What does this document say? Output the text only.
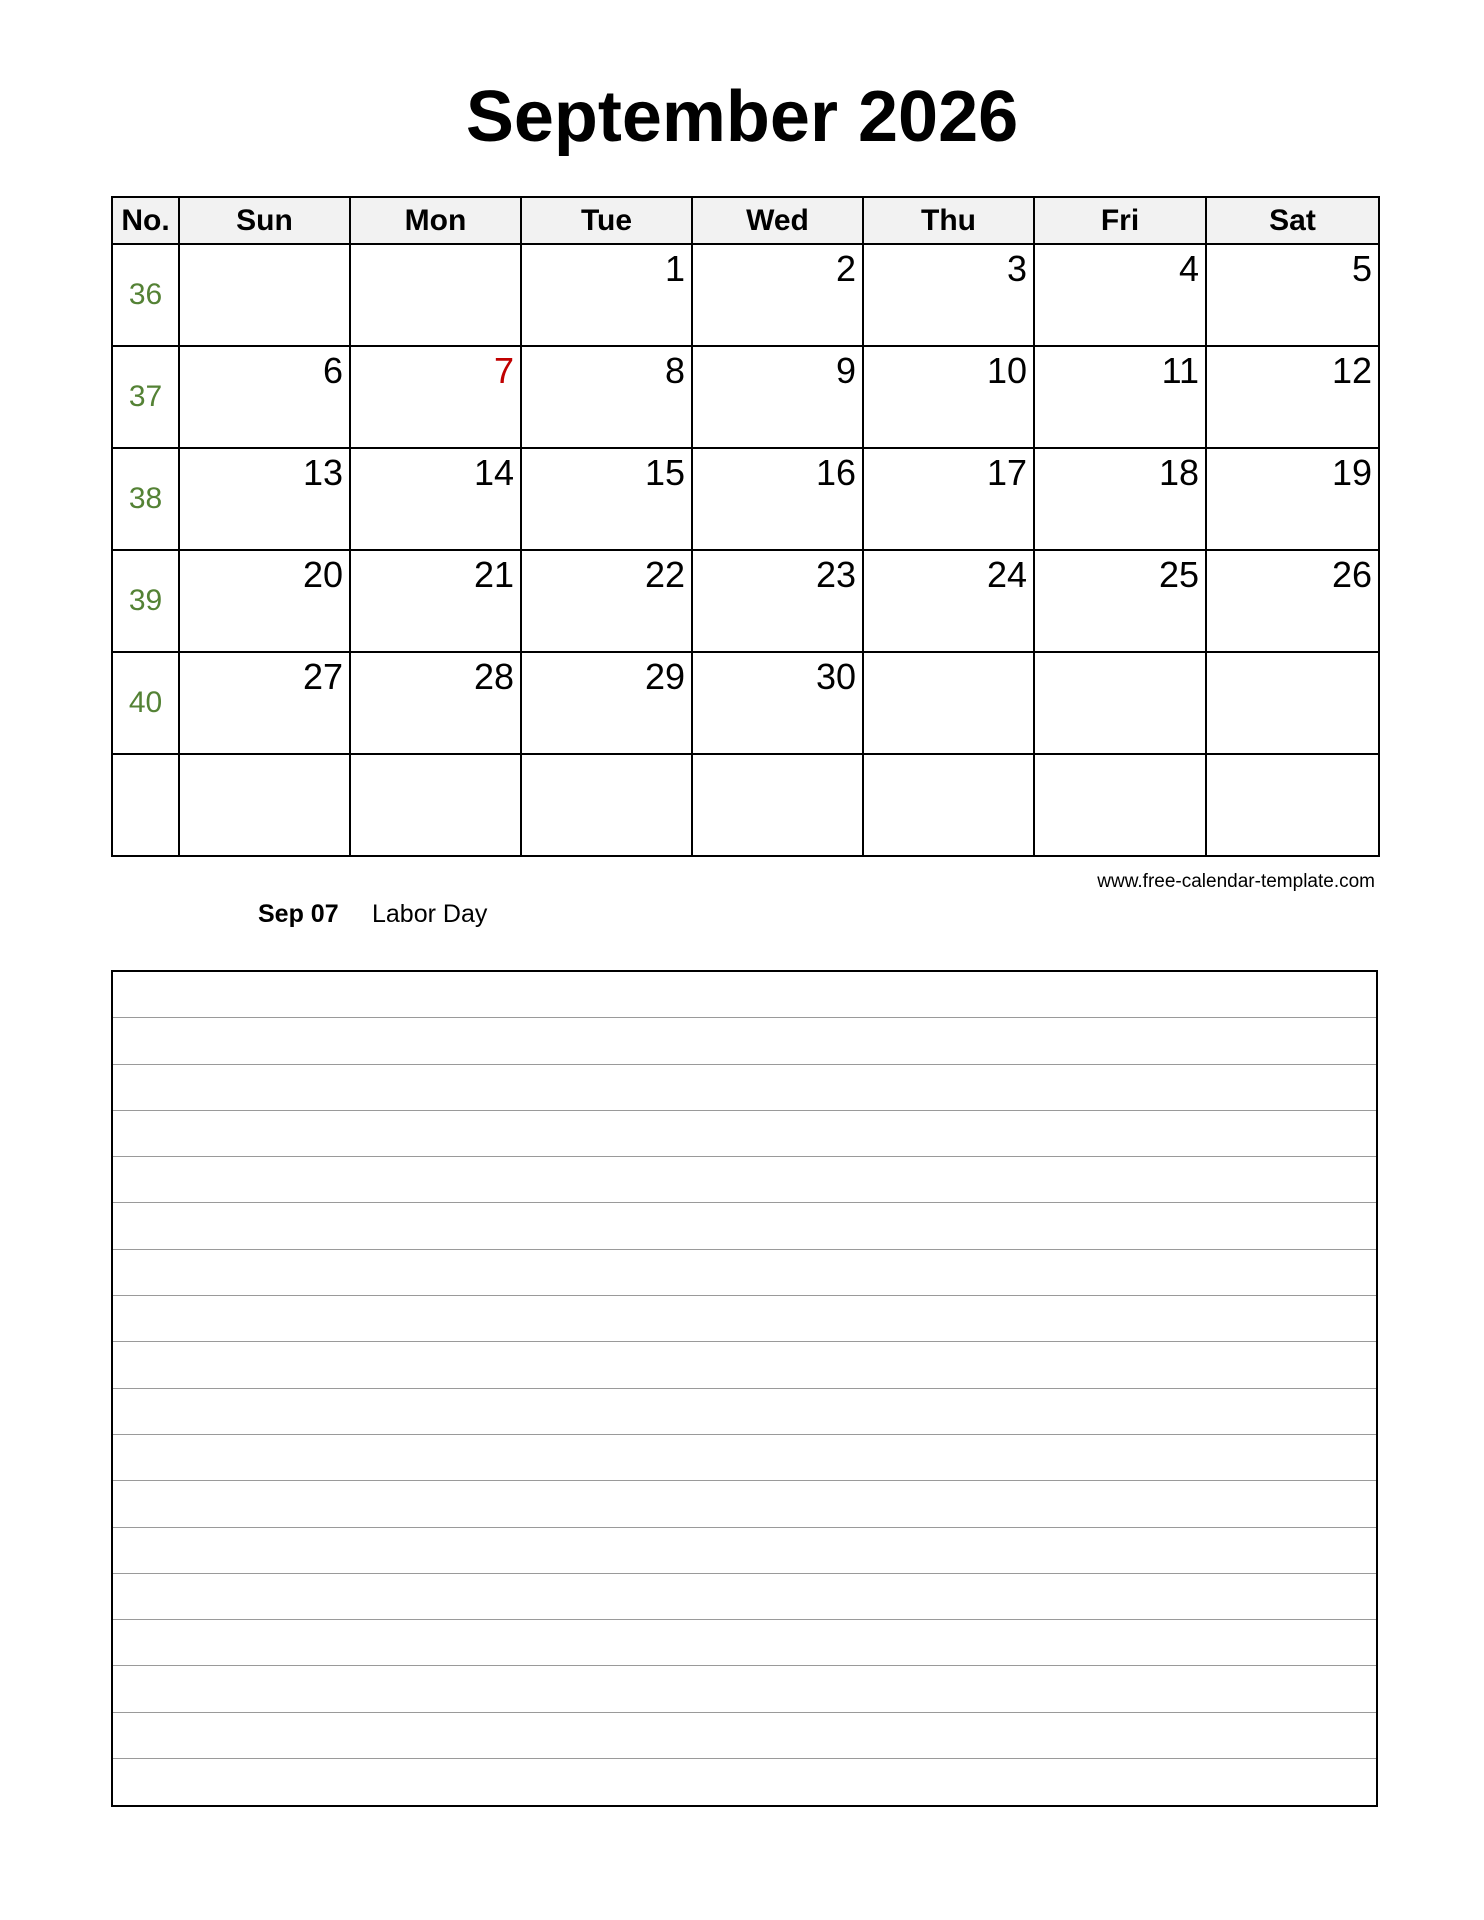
September 2026
No.	Sun	Mon	Tue	Wed	Thu	Fri	Sat
36			1	2	3	4	5

37	6	7	8	9	10	11	12

38	13	14	15	16	17	18	19

39	20	21	22	23	24	25	26

40	27	28	29	30			

www.free-calendar-template.com
Sep 07 Labor Day
